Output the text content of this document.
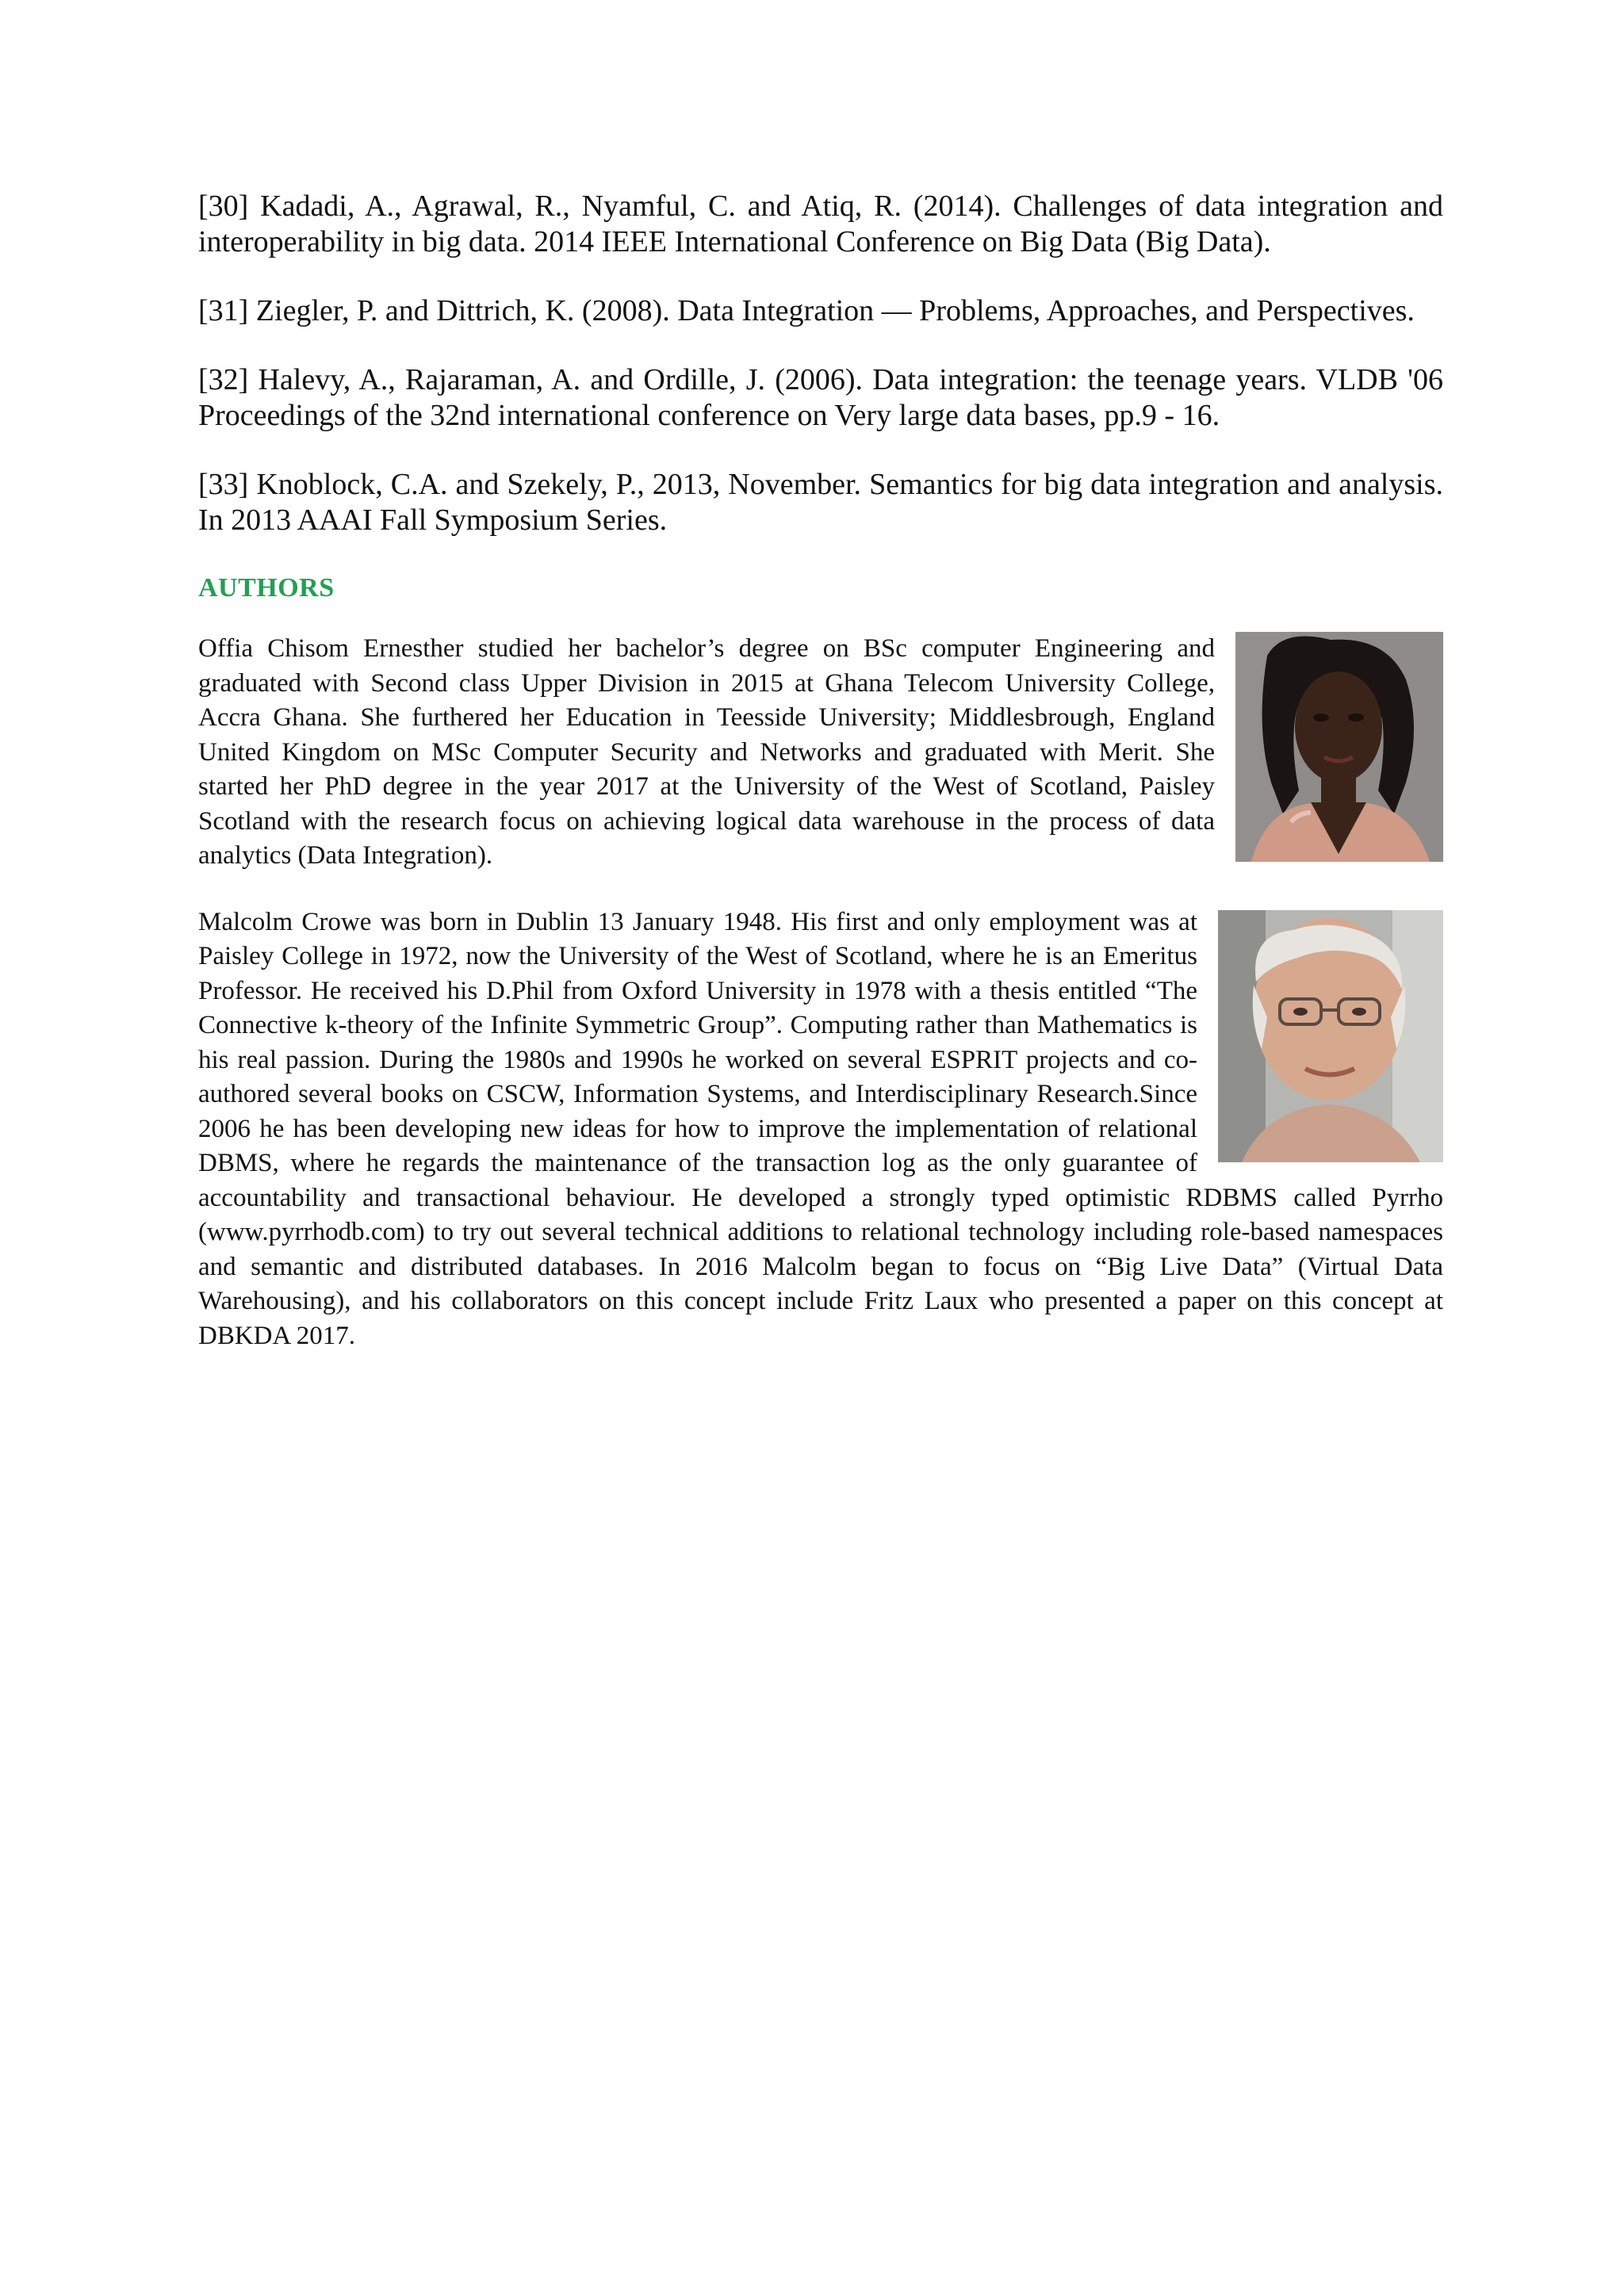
[30] Kadadi, A., Agrawal, R., Nyamful, C. and Atiq, R. (2014). Challenges of data integration and interoperability in big data. 2014 IEEE International Conference on Big Data (Big Data).

[31] Ziegler, P. and Dittrich, K. (2008). Data Integration — Problems, Approaches, and Perspectives.

[32] Halevy, A., Rajaraman, A. and Ordille, J. (2006). Data integration: the teenage years. VLDB '06 Proceedings of the 32nd international conference on Very large data bases, pp.9 - 16.

[33] Knoblock, C.A. and Szekely, P., 2013, November. Semantics for big data integration and analysis. In 2013 AAAI Fall Symposium Series.

AUTHORS
Offia Chisom Ernesther studied her bachelor’s degree on BSc computer Engineering and graduated with Second class Upper Division in 2015 at Ghana Telecom University College, Accra Ghana. She furthered her Education in Teesside University; Middlesbrough, England United Kingdom on MSc Computer Security and Networks and graduated with Merit. She started her PhD degree in the year 2017 at the University of the West of Scotland, Paisley Scotland with the research focus on achieving logical data warehouse in the process of data analytics (Data Integration).
Malcolm Crowe was born in Dublin 13 January 1948. His first and only employment was at Paisley College in 1972, now the University of the West of Scotland, where he is an Emeritus Professor. He received his D.Phil from Oxford University in 1978 with a thesis entitled “The Connective k-theory of the Infinite Symmetric Group”. Computing rather than Mathematics is his real passion. During the 1980s and 1990s he worked on several ESPRIT projects and co-authored several books on CSCW, Information Systems, and Interdisciplinary Research.Since 2006 he has been developing new ideas for how to improve the implementation of relational DBMS, where he regards the maintenance of the transaction log as the only guarantee of accountability and transactional behaviour. He developed a strongly typed optimistic RDBMS called Pyrrho (www.pyrrhodb.com) to try out several technical additions to relational technology including role-based namespaces and semantic and distributed databases. In 2016 Malcolm began to focus on “Big Live Data” (Virtual Data Warehousing), and his collaborators on this concept include Fritz Laux who presented a paper on this concept at DBKDA 2017.
